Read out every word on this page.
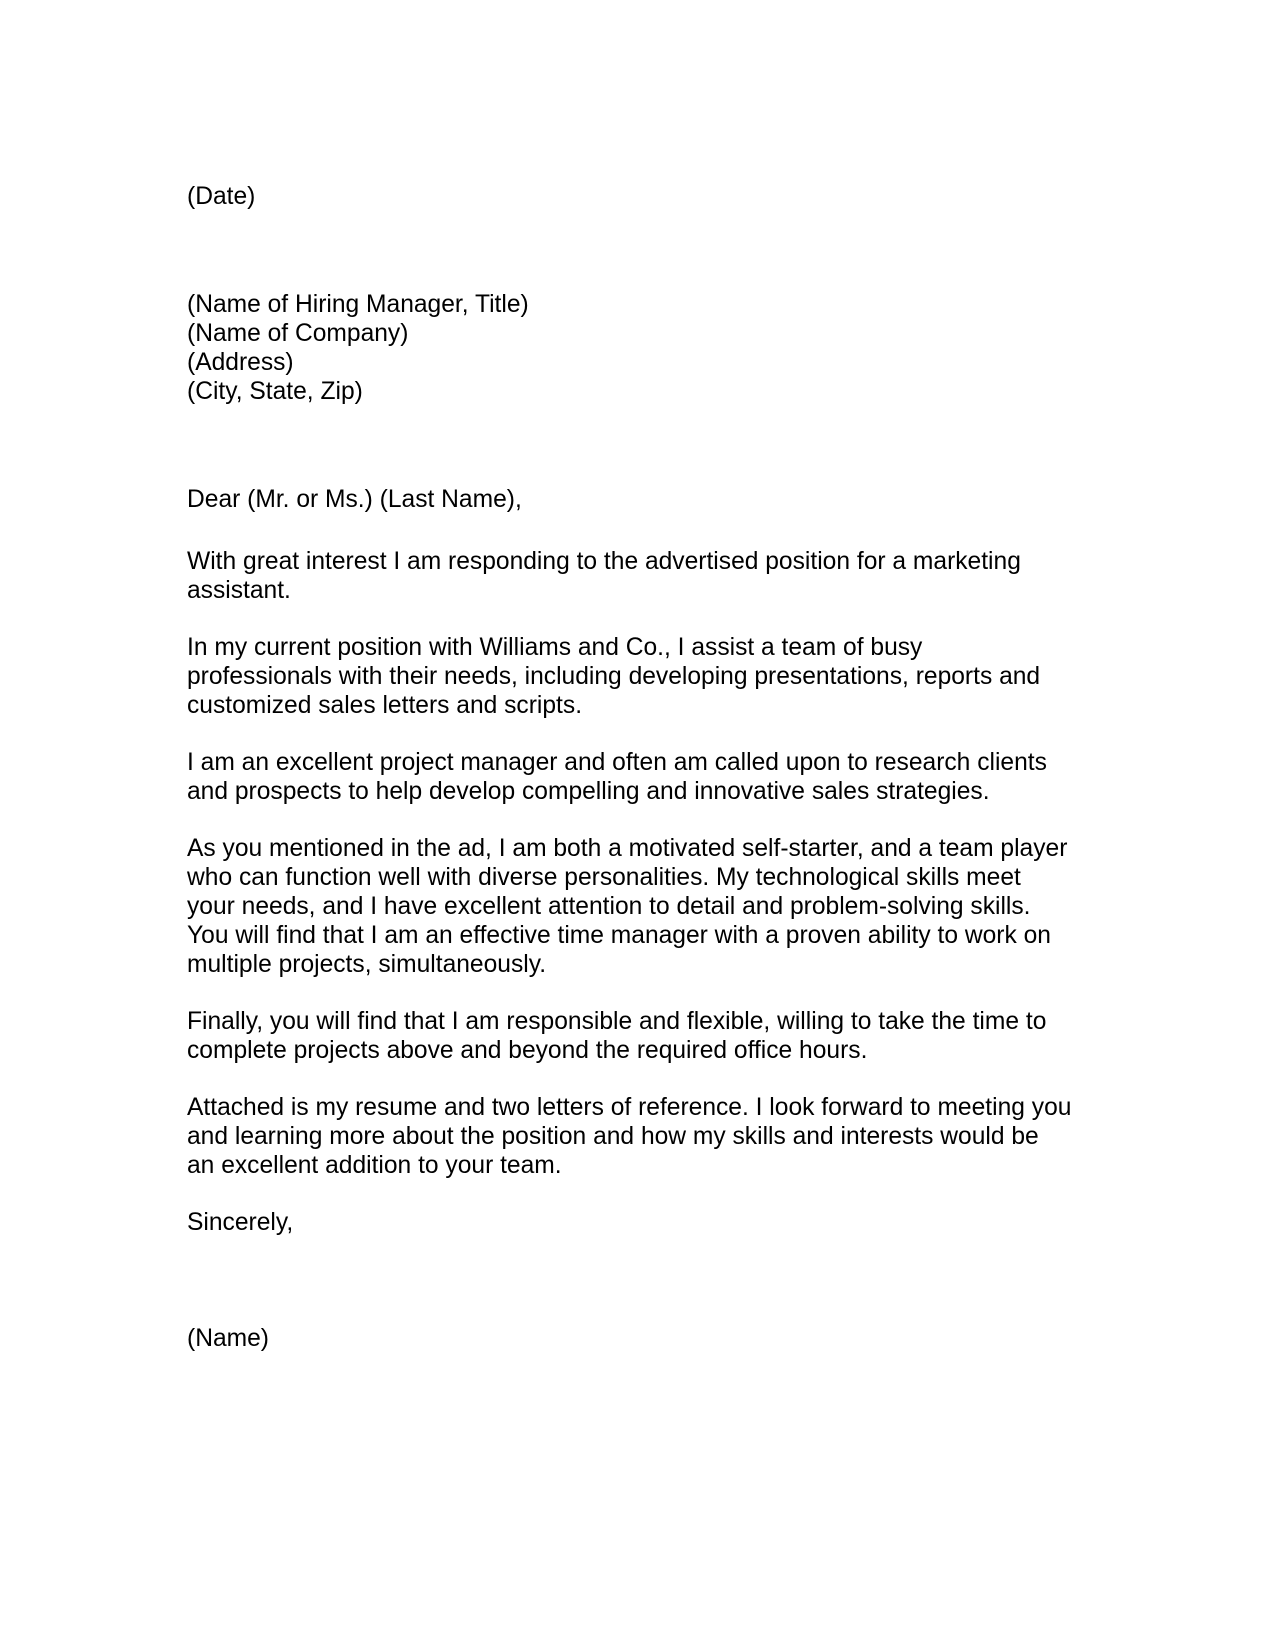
(Date)
(Name of Hiring Manager, Title)
(Name of Company)
(Address)
(City, State, Zip)
Dear (Mr. or Ms.) (Last Name),
With great interest I am responding to the advertised position for a marketing
assistant.
In my current position with Williams and Co., I assist a team of busy
professionals with their needs, including developing presentations, reports and
customized sales letters and scripts.
I am an excellent project manager and often am called upon to research clients
and prospects to help develop compelling and innovative sales strategies.
As you mentioned in the ad, I am both a motivated self-starter, and a team player
who can function well with diverse personalities. My technological skills meet
your needs, and I have excellent attention to detail and problem-solving skills.
You will find that I am an effective time manager with a proven ability to work on
multiple projects, simultaneously.
Finally, you will find that I am responsible and flexible, willing to take the time to
complete projects above and beyond the required office hours.
Attached is my resume and two letters of reference. I look forward to meeting you
and learning more about the position and how my skills and interests would be
an excellent addition to your team.
Sincerely,
(Name)
